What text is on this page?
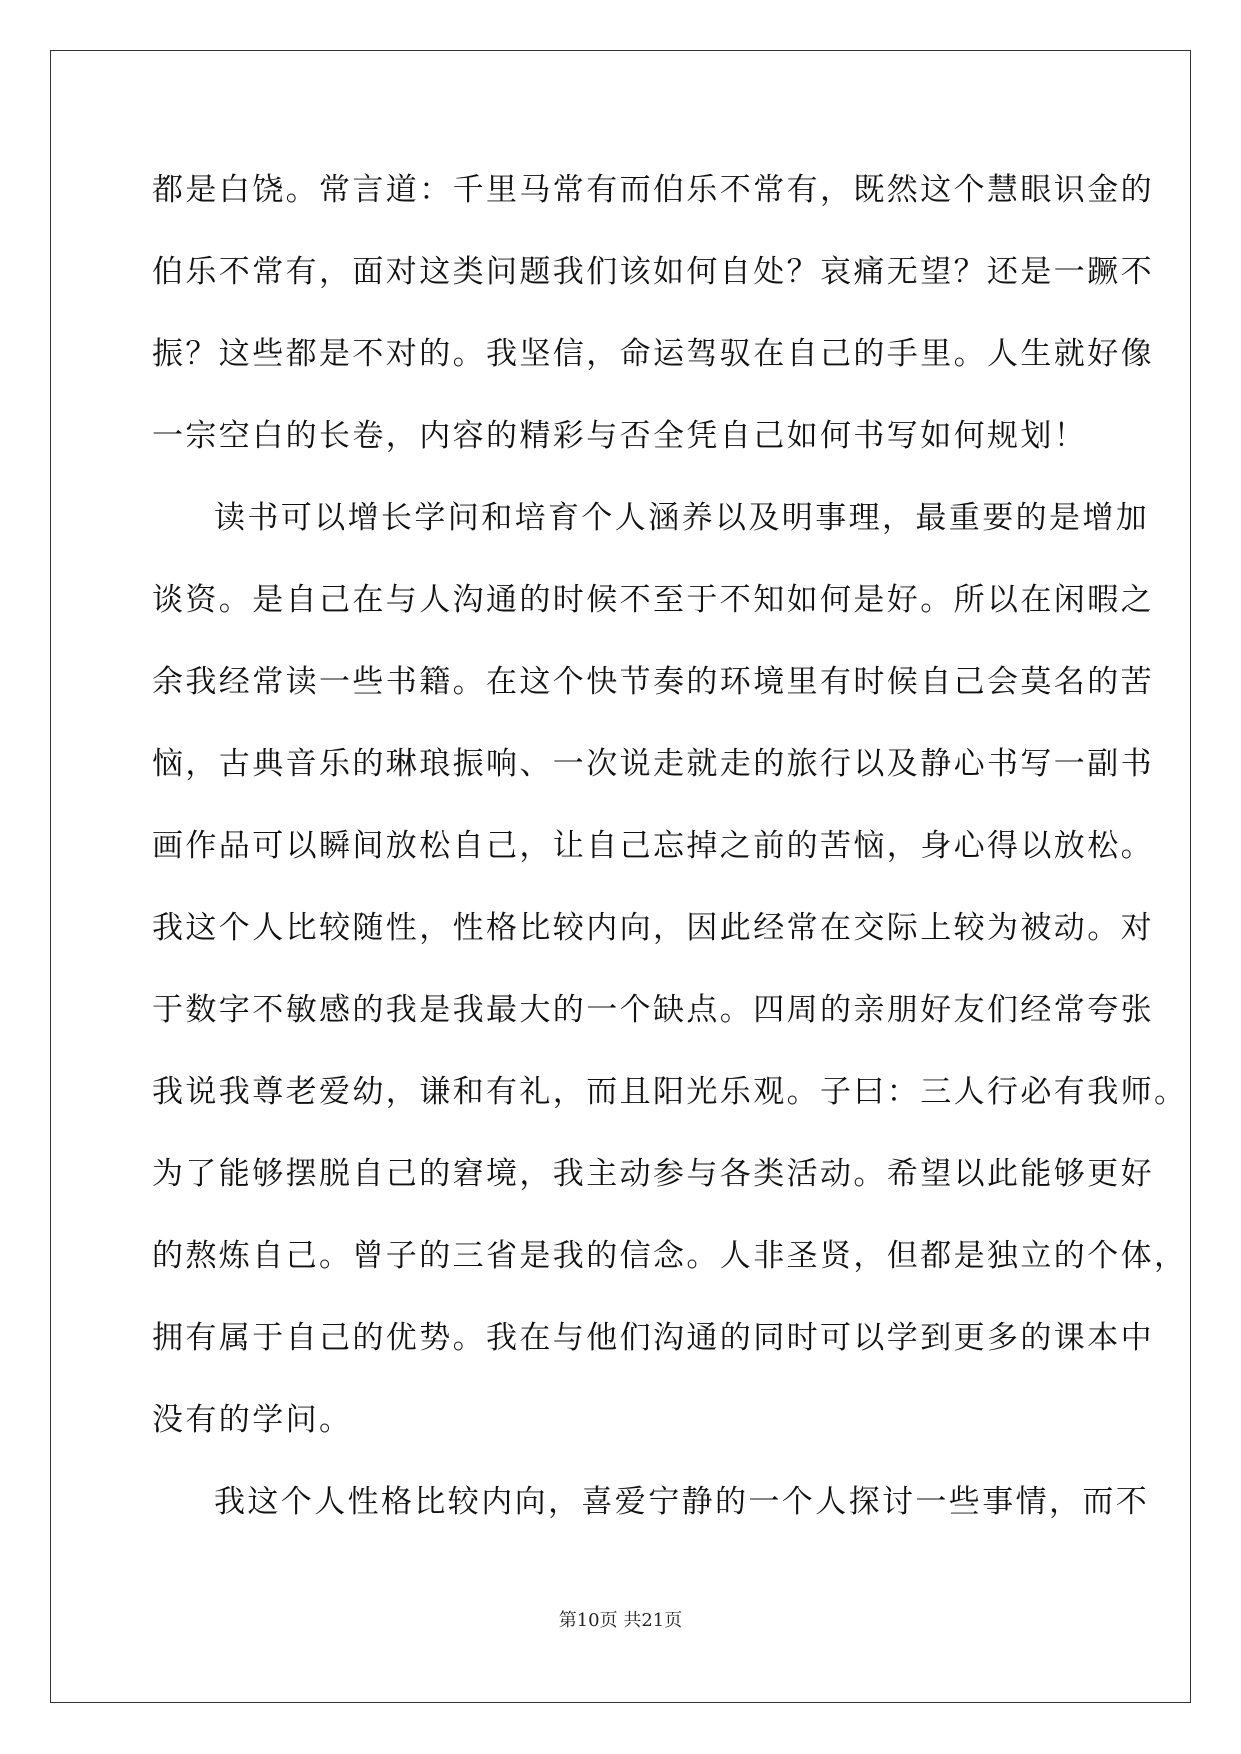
都是白饶。常言道：千里马常有而伯乐不常有，既然这个慧眼识金的
伯乐不常有，面对这类问题我们该如何自处？哀痛无望？还是一蹶不
振？这些都是不对的。我坚信，命运驾驭在自己的手里。人生就好像
一宗空白的长卷，内容的精彩与否全凭自己如何书写如何规划！
读书可以增长学问和培育个人涵养以及明事理，最重要的是增加
谈资。是自己在与人沟通的时候不至于不知如何是好。所以在闲暇之
余我经常读一些书籍。在这个快节奏的环境里有时候自己会莫名的苦
恼，古典音乐的琳琅振响、一次说走就走的旅行以及静心书写一副书
画作品可以瞬间放松自己，让自己忘掉之前的苦恼，身心得以放松。
我这个人比较随性，性格比较内向，因此经常在交际上较为被动。对
于数字不敏感的我是我最大的一个缺点。四周的亲朋好友们经常夸张
我说我尊老爱幼，谦和有礼，而且阳光乐观。子曰：三人行必有我师。
为了能够摆脱自己的窘境，我主动参与各类活动。希望以此能够更好
的熬炼自己。曾子的三省是我的信念。人非圣贤，但都是独立的个体，
拥有属于自己的优势。我在与他们沟通的同时可以学到更多的课本中
没有的学问。
我这个人性格比较内向，喜爱宁静的一个人探讨一些事情，而不
第10页 共21页
